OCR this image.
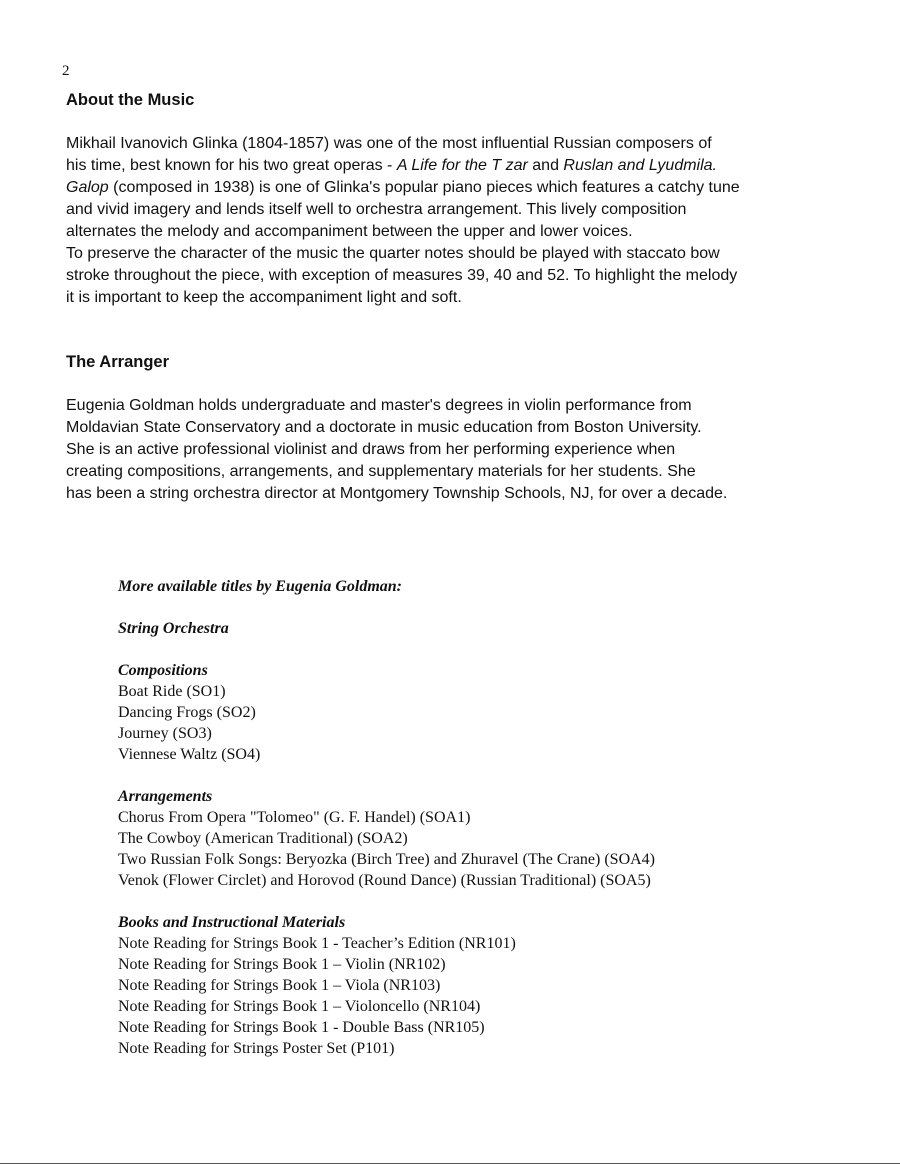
2
About the Music

Mikhail Ivanovich Glinka (1804-1857) was one of the most influential Russian composers of
his time, best known for his two great operas - A Life for the T zar and Ruslan and Lyudmila.
Galop (composed in 1938) is one of Glinka's popular piano pieces which features a catchy tune
and vivid imagery and lends itself well to orchestra arrangement. This lively composition
alternates the melody and accompaniment between the upper and lower voices.
To preserve the character of the music the quarter notes should be played with staccato bow
stroke throughout the piece, with exception of measures 39, 40 and 52. To highlight the melody
it is important to keep the accompaniment light and soft.

The Arranger

Eugenia Goldman holds undergraduate and master's degrees in violin performance from
Moldavian State Conservatory and a doctorate in music education from Boston University.
She is an active professional violinist and draws from her performing experience when
creating compositions, arrangements, and supplementary materials for her students. She
has been a string orchestra director at Montgomery Township Schools, NJ, for over a decade.

More available titles by Eugenia Goldman:
String Orchestra
Compositions
Boat Ride (SO1)
Dancing Frogs (SO2)
Journey (SO3)
Viennese Waltz (SO4)
Arrangements
Chorus From Opera "Tolomeo" (G. F. Handel) (SOA1)
The Cowboy (American Traditional) (SOA2)
Two Russian Folk Songs: Beryozka (Birch Tree) and Zhuravel (The Crane) (SOA4)
Venok (Flower Circlet) and Horovod (Round Dance) (Russian Traditional) (SOA5)
Books and Instructional Materials
Note Reading for Strings Book 1 - Teacher’s Edition (NR101)
Note Reading for Strings Book 1 – Violin (NR102)
Note Reading for Strings Book 1 – Viola (NR103)
Note Reading for Strings Book 1 – Violoncello (NR104)
Note Reading for Strings Book 1 - Double Bass (NR105)
Note Reading for Strings Poster Set (P101)
